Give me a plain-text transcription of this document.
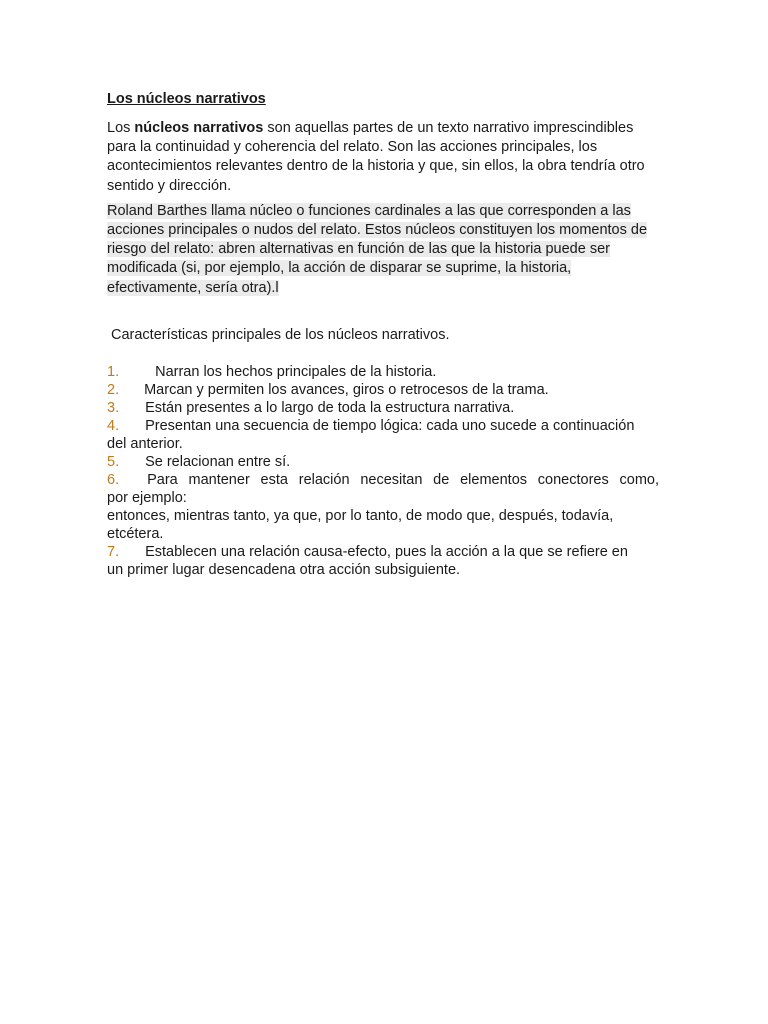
Los núcleos narrativos

Los núcleos narrativos son aquellas partes de un texto narrativo imprescindibles para la continuidad y coherencia del relato. Son las acciones principales, los acontecimientos relevantes dentro de la historia y que, sin ellos, la obra tendría otro sentido y dirección.

Roland Barthes llama núcleo o funciones cardinales a las que corresponden a las acciones principales o nudos del relato. Estos núcleos constituyen los momentos de riesgo del relato: abren alternativas en función de las que la historia puede ser modificada (si, por ejemplo, la acción de disparar se suprime, la historia, efectivamente, sería otra).l

Características principales de los núcleos narrativos.

1. Narran los hechos principales de la historia.
2. Marcan y permiten los avances, giros o retrocesos de la trama.
3. Están presentes a lo largo de toda la estructura narrativa.
4. Presentan una secuencia de tiempo lógica: cada uno sucede a continuación
del anterior.
5. Se relacionan entre sí.
6. Para mantener esta relación necesitan de elementos conectores como,
por ejemplo:
entonces, mientras tanto, ya que, por lo tanto, de modo que, después, todavía,
etcétera.
7. Establecen una relación causa-efecto, pues la acción a la que se refiere en
un primer lugar desencadena otra acción subsiguiente.
